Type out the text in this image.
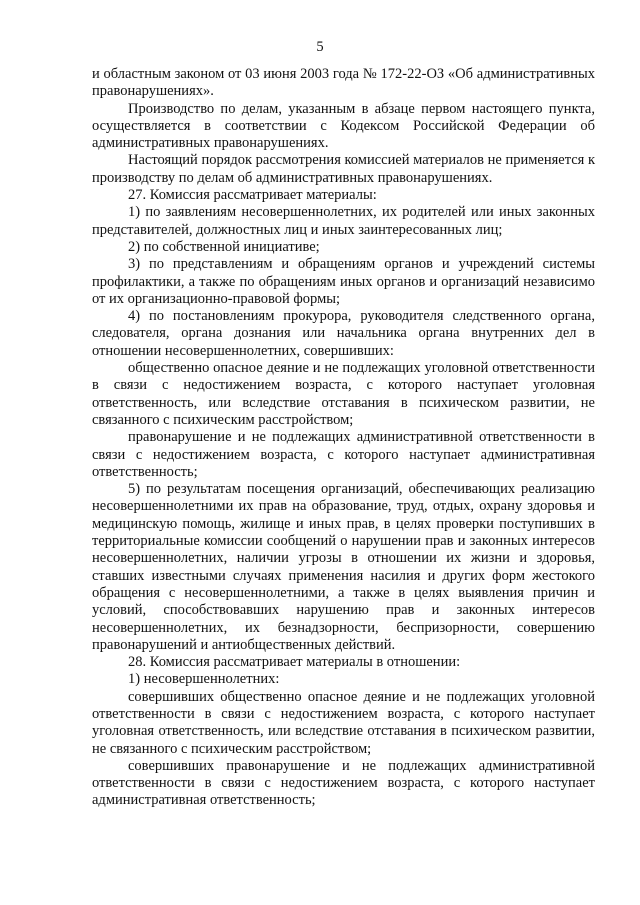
5

и областным законом от 03 июня 2003 года № 172-22-ОЗ «Об административных правонарушениях».

Производство по делам, указанным в абзаце первом настоящего пункта, осуществляется в соответствии с Кодексом Российской Федерации об административных правонарушениях.

Настоящий порядок рассмотрения комиссией материалов не применяется к производству по делам об административных правонарушениях.

27. Комиссия рассматривает материалы:

1) по заявлениям несовершеннолетних, их родителей или иных законных представителей, должностных лиц и иных заинтересованных лиц;

2) по собственной инициативе;

3) по представлениям и обращениям органов и учреждений системы профилактики, а также по обращениям иных органов и организаций независимо от их организационно-правовой формы;

4) по постановлениям прокурора, руководителя следственного органа, следователя, органа дознания или начальника органа внутренних дел в отношении несовершеннолетних, совершивших:

общественно опасное деяние и не подлежащих уголовной ответственности в связи с недостижением возраста, с которого наступает уголовная ответственность, или вследствие отставания в психическом развитии, не связанного с психическим расстройством;

правонарушение и не подлежащих административной ответственности в связи с недостижением возраста, с которого наступает административная ответственность;

5) по результатам посещения организаций, обеспечивающих реализацию несовершеннолетними их прав на образование, труд, отдых, охрану здоровья и медицинскую помощь, жилище и иных прав, в целях проверки поступивших в территориальные комиссии сообщений о нарушении прав и законных интересов несовершеннолетних, наличии угрозы в отношении их жизни и здоровья, ставших известными случаях применения насилия и других форм жестокого обращения с несовершеннолетними, а также в целях выявления причин и условий, способствовавших нарушению прав и законных интересов несовершеннолетних, их безнадзорности, беспризорности, совершению правонарушений и антиобщественных действий.

28. Комиссия рассматривает материалы в отношении:

1) несовершеннолетних:

совершивших общественно опасное деяние и не подлежащих уголовной ответственности в связи с недостижением возраста, с которого наступает уголовная ответственность, или вследствие отставания в психическом развитии, не связанного с психическим расстройством;

совершивших правонарушение и не подлежащих административной ответственности в связи с недостижением возраста, с которого наступает административная ответственность;
